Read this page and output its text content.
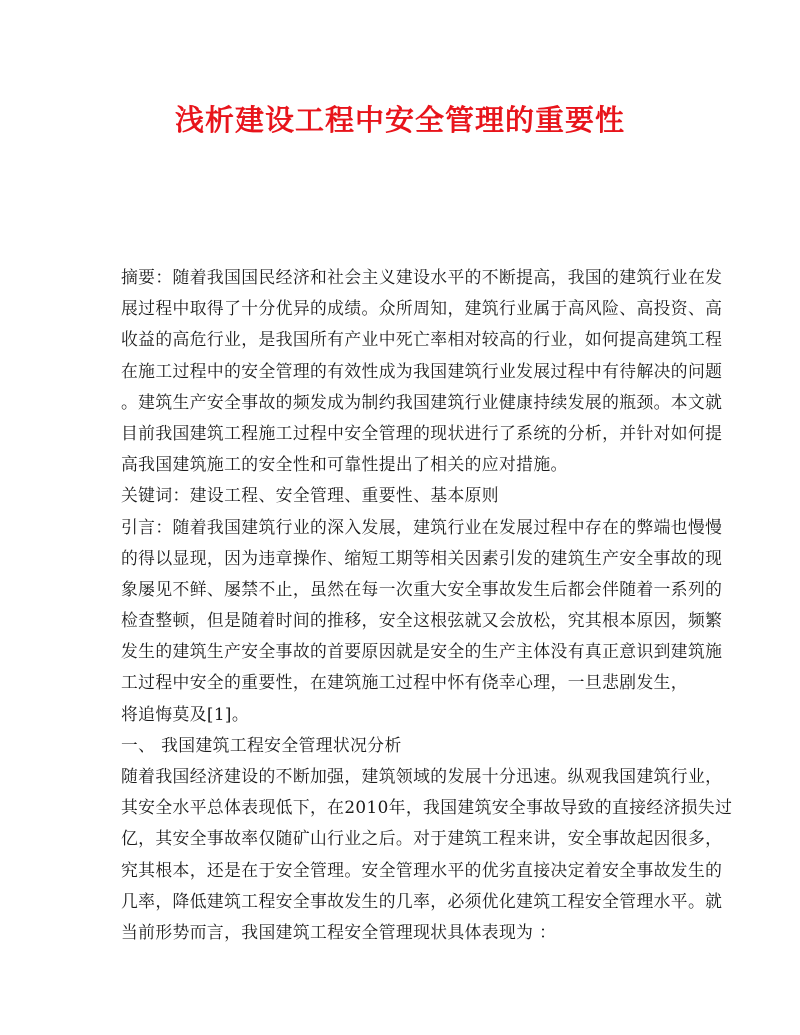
浅析建设工程中安全管理的重要性
摘要：随着我国国民经济和社会主义建设水平的不断提高，我国的建筑行业在发
展过程中取得了十分优异的成绩。众所周知，建筑行业属于高风险、高投资、高
收益的高危行业，是我国所有产业中死亡率相对较高的行业，如何提高建筑工程
在施工过程中的安全管理的有效性成为我国建筑行业发展过程中有待解决的问题
。建筑生产安全事故的频发成为制约我国建筑行业健康持续发展的瓶颈。本文就
目前我国建筑工程施工过程中安全管理的现状进行了系统的分析，并针对如何提
高我国建筑施工的安全性和可靠性提出了相关的应对措施。
关键词：建设工程、安全管理、重要性、基本原则
引言：随着我国建筑行业的深入发展，建筑行业在发展过程中存在的弊端也慢慢
的得以显现，因为违章操作、缩短工期等相关因素引发的建筑生产安全事故的现
象屡见不鲜、屡禁不止，虽然在每一次重大安全事故发生后都会伴随着一系列的
检查整顿，但是随着时间的推移，安全这根弦就又会放松，究其根本原因，频繁
发生的建筑生产安全事故的首要原因就是安全的生产主体没有真正意识到建筑施
工过程中安全的重要性，在建筑施工过程中怀有侥幸心理，一旦悲剧发生，
将追悔莫及[1]。
一、 我国建筑工程安全管理状况分析
随着我国经济建设的不断加强，建筑领域的发展十分迅速。纵观我国建筑行业，
其安全水平总体表现低下，在2010年，我国建筑安全事故导致的直接经济损失过
亿，其安全事故率仅随矿山行业之后。对于建筑工程来讲，安全事故起因很多，
究其根本，还是在于安全管理。安全管理水平的优劣直接决定着安全事故发生的
几率，降低建筑工程安全事故发生的几率，必须优化建筑工程安全管理水平。就
当前形势而言，我国建筑工程安全管理现状具体表现为 ：
